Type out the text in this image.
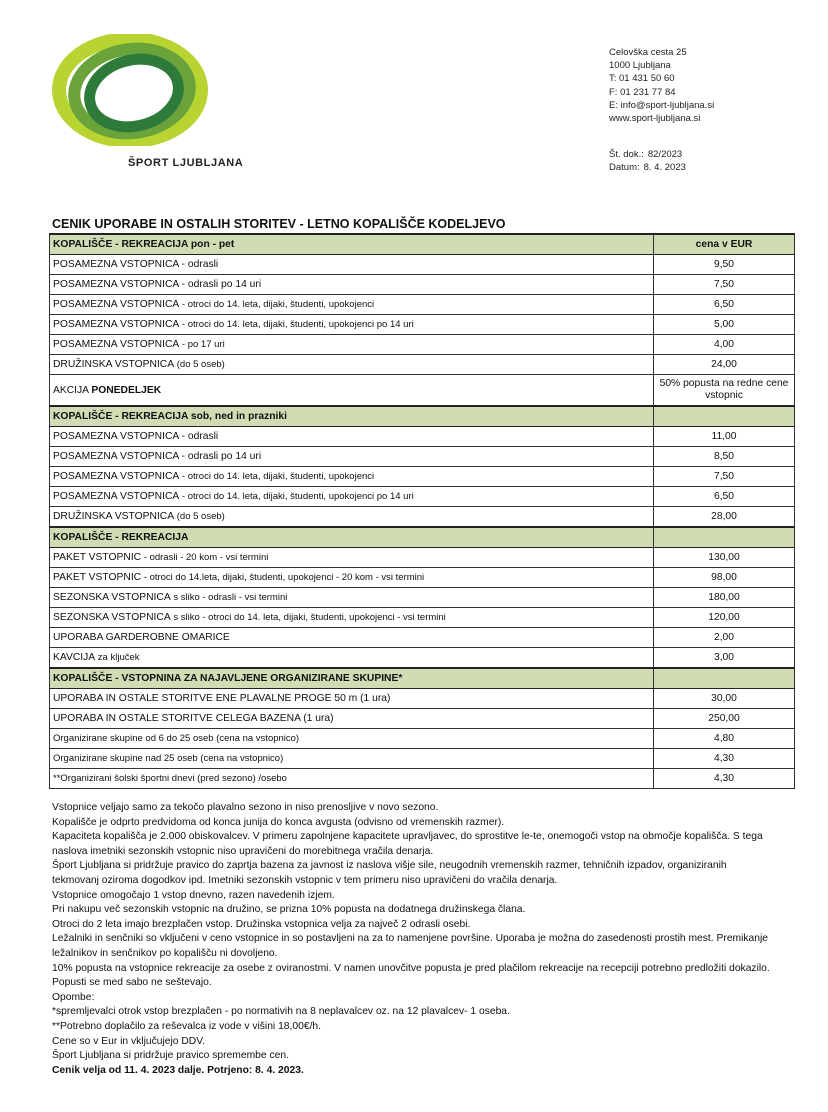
ŠPORT LJUBLJANA
Celovška cesta 25
1000 Ljubljana
T: 01 431 50 60
F: 01 231 77 84
E: info@sport-ljubljana.si
www.sport-ljubljana.si
Št. dok.: 82/2023
Datum: 8. 4. 2023
CENIK UPORABE IN OSTALIH STORITEV - LETNO KOPALIŠČE KODELJEVO
KOPALIŠČE - REKREACIJA pon - pet	cena v EUR
POSAMEZNA VSTOPNICA - odrasli	9,50
POSAMEZNA VSTOPNICA - odrasli po 14 uri	7,50
POSAMEZNA VSTOPNICA - otroci do 14. leta, dijaki, študenti, upokojenci	6,50
POSAMEZNA VSTOPNICA - otroci do 14. leta, dijaki, študenti, upokojenci po 14 uri	5,00
POSAMEZNA VSTOPNICA - po 17 uri	4,00
DRUŽINSKA VSTOPNICA (do 5 oseb)	24,00
AKCIJA PONEDELJEK	50% popusta na redne cene vstopnic
KOPALIŠČE - REKREACIJA sob, ned in prazniki	
POSAMEZNA VSTOPNICA - odrasli	11,00
POSAMEZNA VSTOPNICA - odrasli po 14 uri	8,50
POSAMEZNA VSTOPNICA - otroci do 14. leta, dijaki, študenti, upokojenci	7,50
POSAMEZNA VSTOPNICA - otroci do 14. leta, dijaki, študenti, upokojenci po 14 uri	6,50
DRUŽINSKA VSTOPNICA (do 5 oseb)	28,00
KOPALIŠČE - REKREACIJA	
PAKET VSTOPNIC - odrasli - 20 kom - vsi termini	130,00
PAKET VSTOPNIC - otroci do 14.leta, dijaki, študenti, upokojenci - 20 kom - vsi termini	98,00
SEZONSKA VSTOPNICA s sliko - odrasli - vsi termini	180,00
SEZONSKA VSTOPNICA s sliko - otroci do 14. leta, dijaki, študenti, upokojenci - vsi termini	120,00
UPORABA GARDEROBNE OMARICE	2,00
KAVCIJA za ključek	3,00
KOPALIŠČE - VSTOPNINA ZA NAJAVLJENE ORGANIZIRANE SKUPINE*	
UPORABA IN OSTALE STORITVE ENE PLAVALNE PROGE 50 m (1 ura)	30,00
UPORABA IN OSTALE STORITVE CELEGA BAZENA (1 ura)	250,00
Organizirane skupine od 6 do 25 oseb (cena na vstopnico)	4,80
Organizirane skupine nad 25 oseb (cena na vstopnico)	4,30
**Organizirani šolski športni dnevi (pred sezono) /osebo	4,30

Vstopnice veljajo samo za tekočo plavalno sezono in niso prenosljive v novo sezono.

Kopališče je odprto predvidoma od konca junija do konca avgusta (odvisno od vremenskih razmer).

Kapaciteta kopališča je 2.000 obiskovalcev. V primeru zapolnjene kapacitete upravljavec, do sprostitve le-te, onemogoči vstop na območje kopališča. S tega naslova imetniki sezonskih vstopnic niso upravičeni do morebitnega vračila denarja.

Šport Ljubljana si pridržuje pravico do zaprtja bazena za javnost iz naslova višje sile, neugodnih vremenskih razmer, tehničnih izpadov, organiziranih tekmovanj oziroma dogodkov ipd. Imetniki sezonskih vstopnic v tem primeru niso upravičeni do vračila denarja.

Vstopnice omogočajo 1 vstop dnevno, razen navedenih izjem.

Pri nakupu več sezonskih vstopnic na družino, se prizna 10% popusta na dodatnega družinskega člana.

Otroci do 2 leta imajo brezplačen vstop. Družinska vstopnica velja za največ 2 odrasli osebi.

Ležalniki in senčniki so vključeni v ceno vstopnice in so postavljeni na za to namenjene površine. Uporaba je možna do zasedenosti prostih mest. Premikanje ležalnikov in senčnikov po kopališču ni dovoljeno.

10% popusta na vstopnice rekreacije za osebe z oviranostmi. V namen unovčitve popusta je pred plačilom rekreacije na recepciji potrebno predložiti dokazilo. Popusti se med sabo ne seštevajo.

Opombe:

*spremljevalci otrok vstop brezplačen - po normativih na 8 neplavalcev oz. na 12 plavalcev- 1 oseba.

**Potrebno doplačilo za reševalca iz vode v višini 18,00€/h.

Cene so v Eur in vključujejo DDV.

Šport Ljubljana si pridržuje pravico spremembe cen.

Cenik velja od 11. 4. 2023 dalje. Potrjeno: 8. 4. 2023.
